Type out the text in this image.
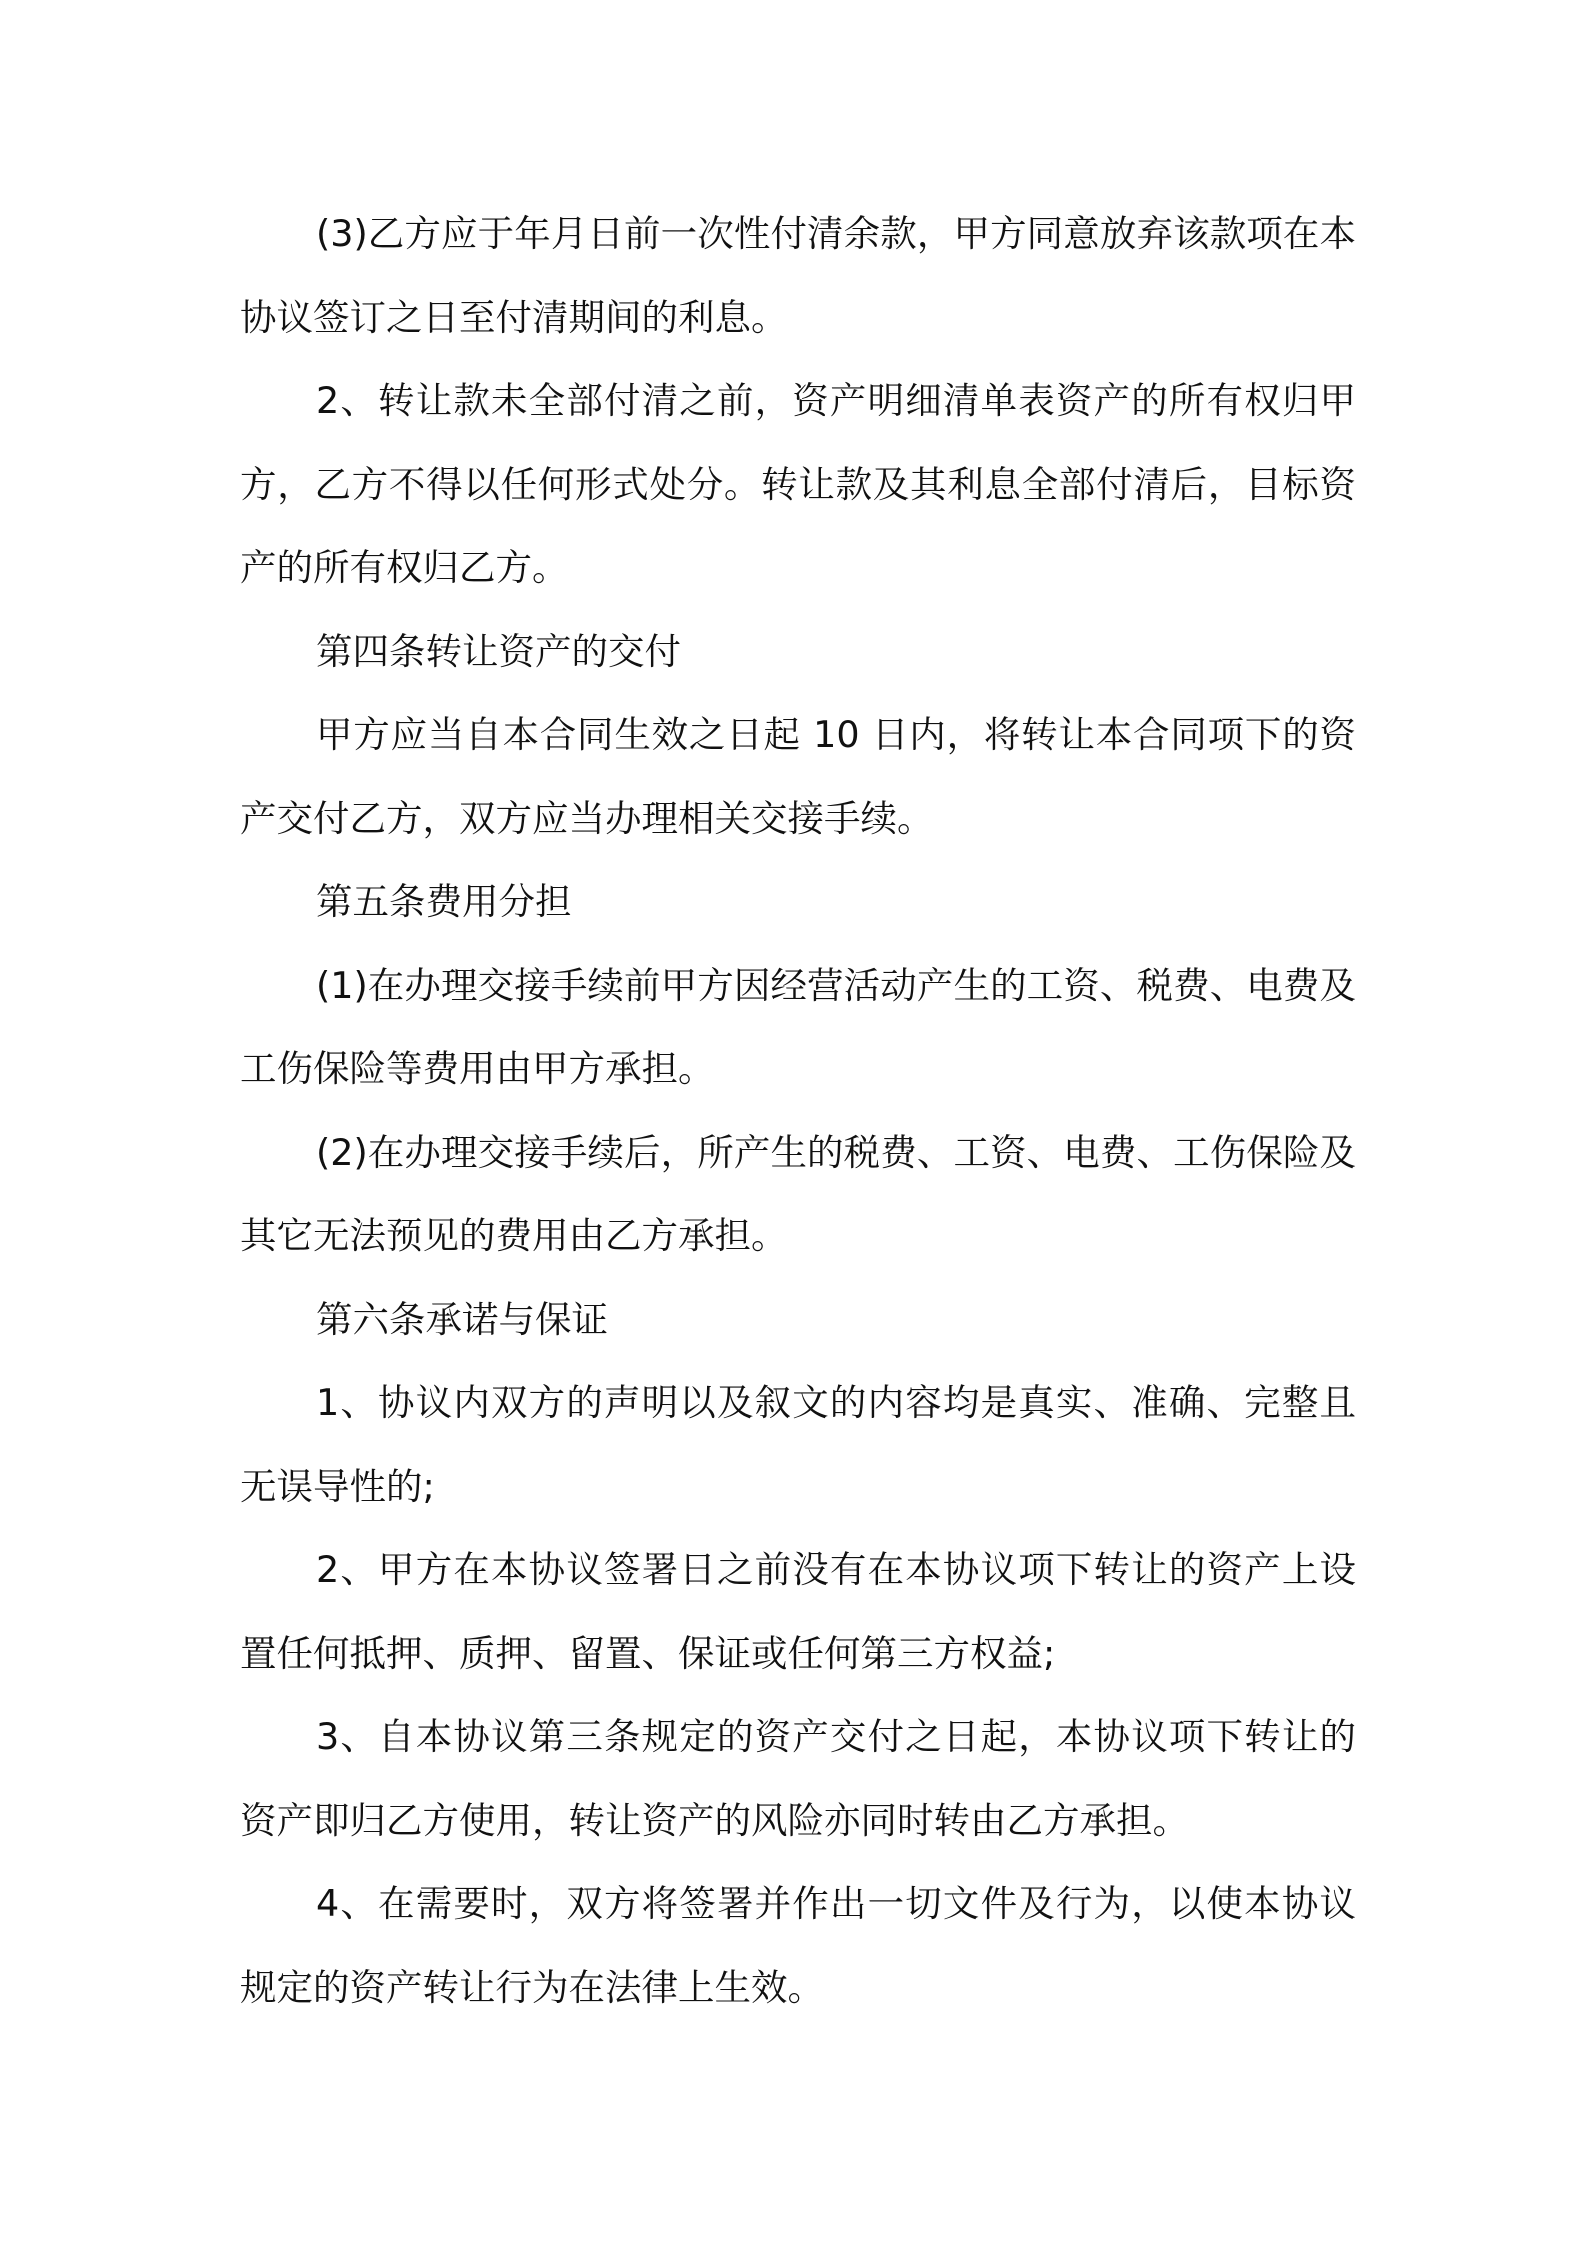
(3)乙方应于年月日前一次性付清余款，甲方同意放弃该款项在本协议签订之日至付清期间的利息。

2、转让款未全部付清之前，资产明细清单表资产的所有权归甲方，乙方不得以任何形式处分。转让款及其利息全部付清后，目标资产的所有权归乙方。

第四条转让资产的交付

甲方应当自本合同生效之日起 10 日内，将转让本合同项下的资产交付乙方，双方应当办理相关交接手续。

第五条费用分担

(1)在办理交接手续前甲方因经营活动产生的工资、税费、电费及工伤保险等费用由甲方承担。

(2)在办理交接手续后，所产生的税费、工资、电费、工伤保险及其它无法预见的费用由乙方承担。

第六条承诺与保证

1、协议内双方的声明以及叙文的内容均是真实、准确、完整且无误导性的;

2、甲方在本协议签署日之前没有在本协议项下转让的资产上设置任何抵押、质押、留置、保证或任何第三方权益;

3、自本协议第三条规定的资产交付之日起，本协议项下转让的资产即归乙方使用，转让资产的风险亦同时转由乙方承担。

4、在需要时，双方将签署并作出一切文件及行为，以使本协议规定的资产转让行为在法律上生效。
